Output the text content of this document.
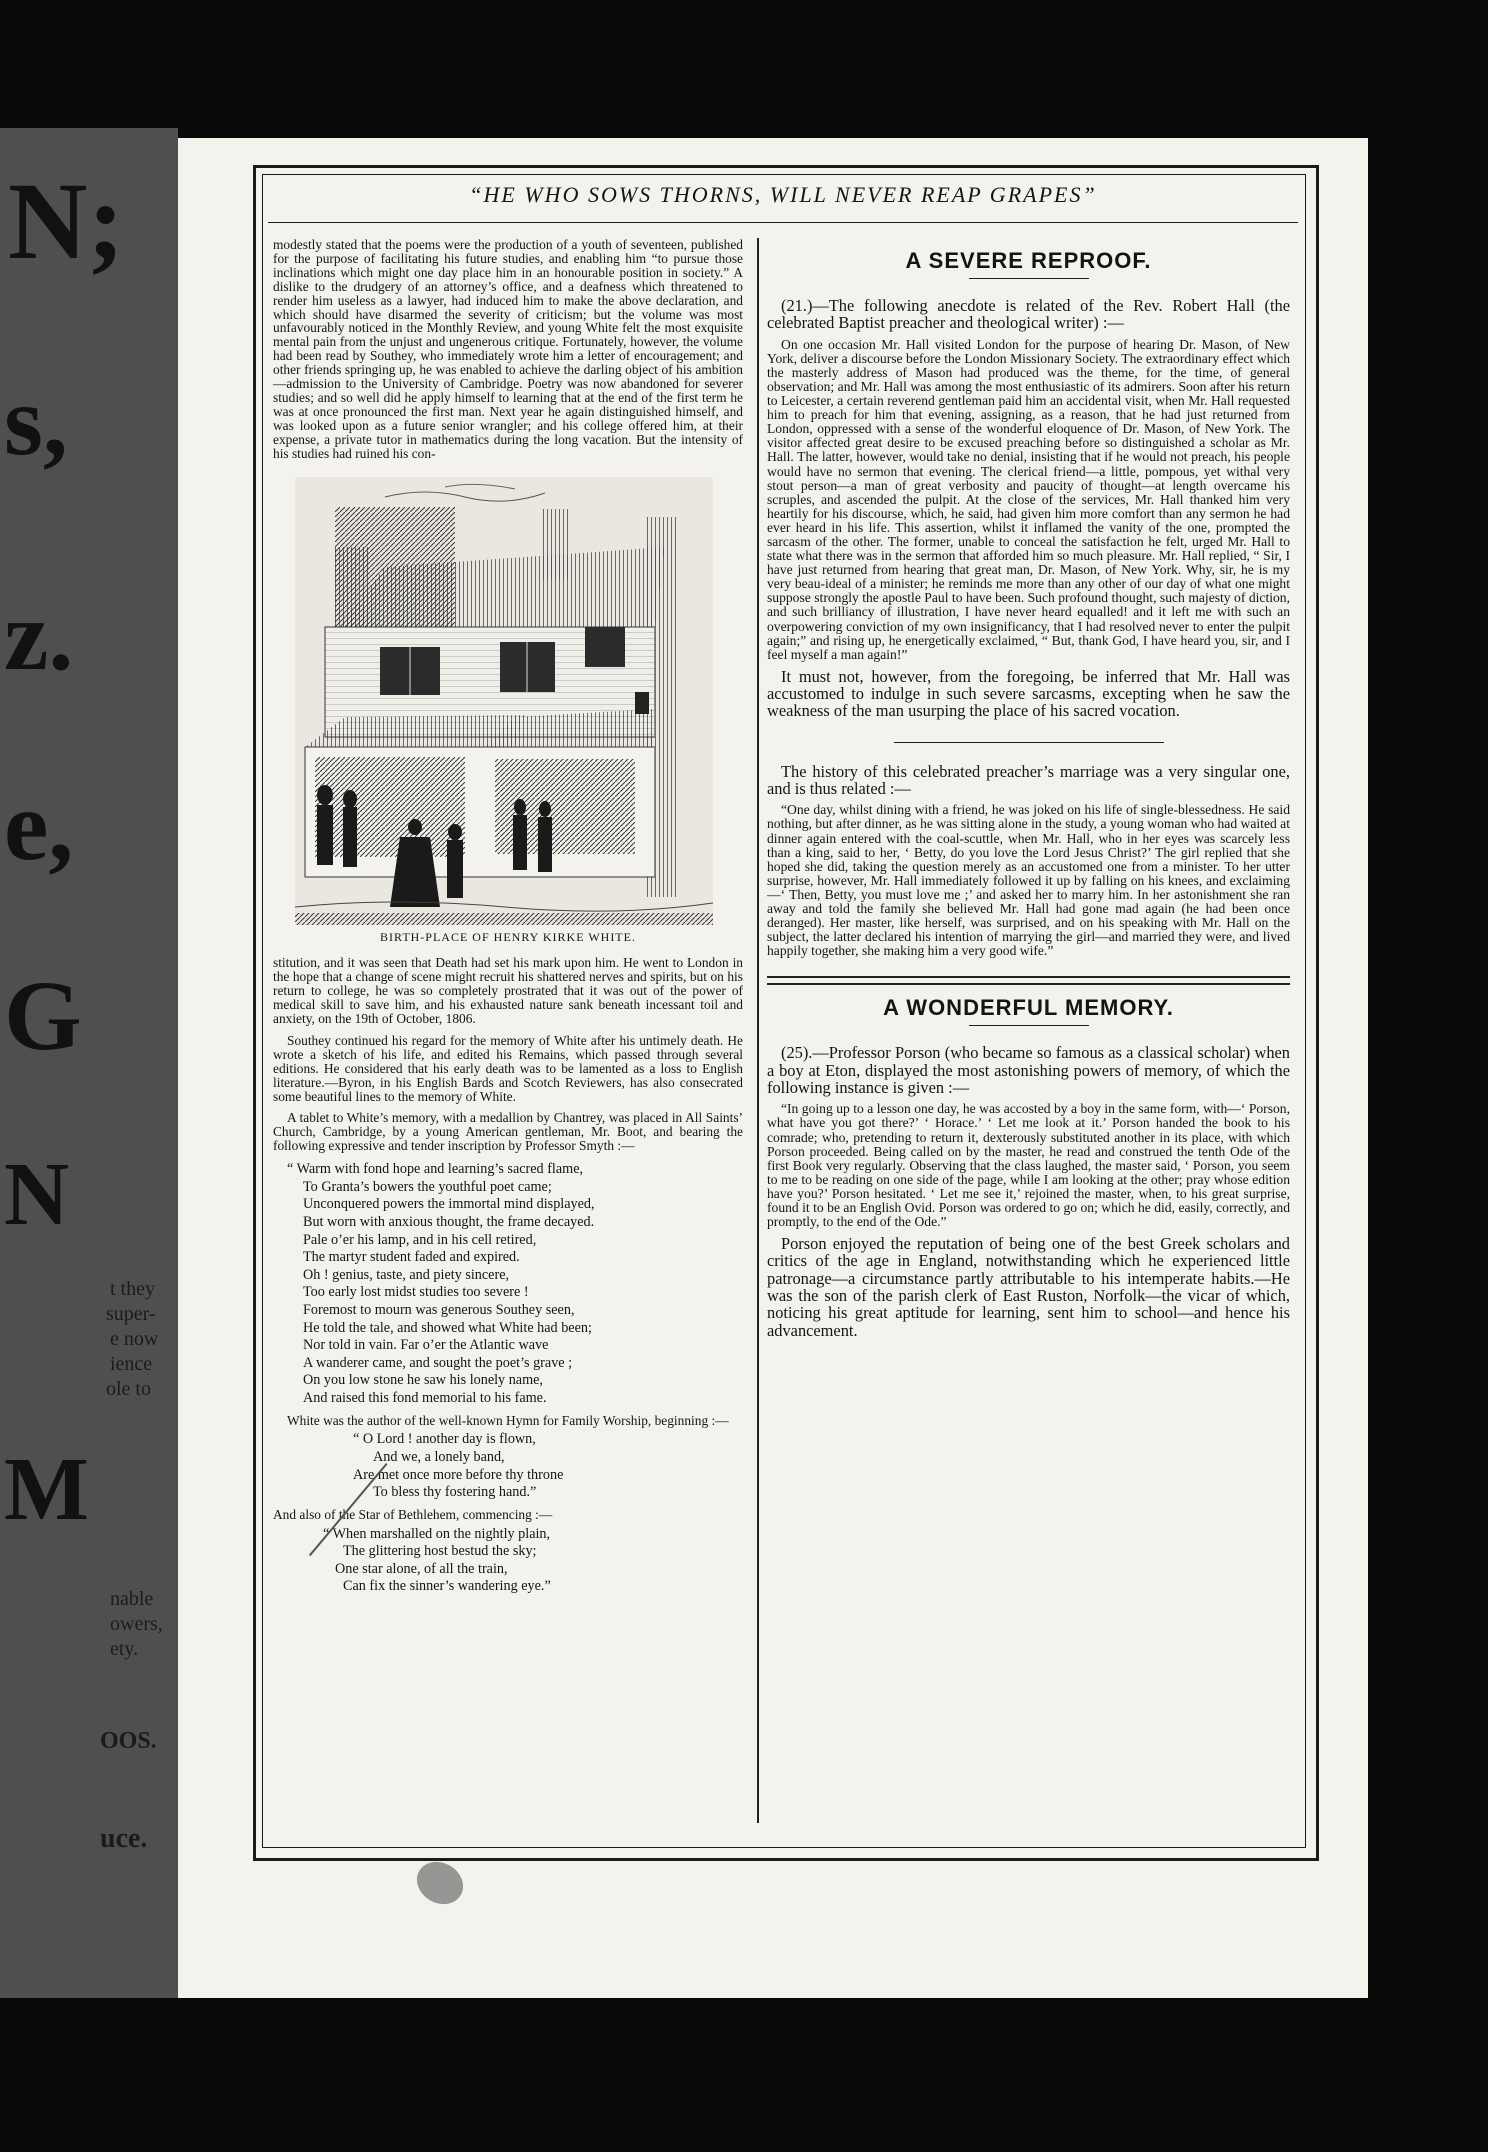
N;
s,
z.
e,
G
N
t they
super-
e now
ience
ole to
M
nable
owers,
ety.
OOS.
uce.
“HE WHO SOWS THORNS, WILL NEVER REAP GRAPES”

modestly stated that the poems were the production of a youth of seventeen, published for the purpose of facilitating his future studies, and enabling him “to pursue those inclinations which might one day place him in an honourable position in society.” A dislike to the drudgery of an attorney’s office, and a deafness which threatened to render him useless as a lawyer, had induced him to make the above declaration, and which should have disarmed the severity of criticism; but the volume was most unfavourably noticed in the Monthly Review, and young White felt the most exquisite mental pain from the unjust and ungenerous critique. Fortunately, however, the volume had been read by Southey, who immediately wrote him a letter of encouragement; and other friends springing up, he was enabled to achieve the darling object of his ambition—admission to the University of Cambridge. Poetry was now abandoned for severer studies; and so well did he apply himself to learning that at the end of the first term he was at once pronounced the first man. Next year he again distinguished himself, and was looked upon as a future senior wrangler; and his college offered him, at their expense, a private tutor in mathematics during the long vacation. But the intensity of his studies had ruined his con-

BIRTH-PLACE OF HENRY KIRKE WHITE.

stitution, and it was seen that Death had set his mark upon him. He went to London in the hope that a change of scene might recruit his shattered nerves and spirits, but on his return to college, he was so completely prostrated that it was out of the power of medical skill to save him, and his exhausted nature sank beneath incessant toil and anxiety, on the 19th of October, 1806.

Southey continued his regard for the memory of White after his untimely death. He wrote a sketch of his life, and edited his Remains, which passed through several editions. He considered that his early death was to be lamented as a loss to English literature.—Byron, in his English Bards and Scotch Reviewers, has also consecrated some beautiful lines to the memory of White.

A tablet to White’s memory, with a medallion by Chantrey, was placed in All Saints’ Church, Cambridge, by a young American gentleman, Mr. Boot, and bearing the following expressive and tender inscription by Professor Smyth :—

“ Warm with fond hope and learning’s sacred flame,
To Granta’s bowers the youthful poet came;
Unconquered powers the immortal mind displayed,
But worn with anxious thought, the frame decayed.
Pale o’er his lamp, and in his cell retired,
The martyr student faded and expired.
Oh ! genius, taste, and piety sincere,
Too early lost midst studies too severe !
Foremost to mourn was generous Southey seen,
He told the tale, and showed what White had been;
Nor told in vain. Far o’er the Atlantic wave
A wanderer came, and sought the poet’s grave ;
On you low stone he saw his lonely name,
And raised this fond memorial to his fame.

White was the author of the well-known Hymn for Family Worship, beginning :—

“ O Lord ! another day is flown,
And we, a lonely band,
Are met once more before thy throne
To bless thy fostering hand.”

And also of the Star of Bethlehem, commencing :—

“ When marshalled on the nightly plain,
The glittering host bestud the sky;
One star alone, of all the train,
Can fix the sinner’s wandering eye.”
A SEVERE REPROOF.

(21.)—The following anecdote is related of the Rev. Robert Hall (the celebrated Baptist preacher and theological writer) :—

On one occasion Mr. Hall visited London for the purpose of hearing Dr. Mason, of New York, deliver a discourse before the London Missionary Society. The extraordinary effect which the masterly address of Mason had produced was the theme, for the time, of general observation; and Mr. Hall was among the most enthusiastic of its admirers. Soon after his return to Leicester, a certain reverend gentleman paid him an accidental visit, when Mr. Hall requested him to preach for him that evening, assigning, as a reason, that he had just returned from London, oppressed with a sense of the wonderful eloquence of Dr. Mason, of New York. The visitor affected great desire to be excused preaching before so distinguished a scholar as Mr. Hall. The latter, however, would take no denial, insisting that if he would not preach, his people would have no sermon that evening. The clerical friend—a little, pompous, yet withal very stout person—a man of great verbosity and paucity of thought—at length overcame his scruples, and ascended the pulpit. At the close of the services, Mr. Hall thanked him very heartily for his discourse, which, he said, had given him more comfort than any sermon he had ever heard in his life. This assertion, whilst it inflamed the vanity of the one, prompted the sarcasm of the other. The former, unable to conceal the satisfaction he felt, urged Mr. Hall to state what there was in the sermon that afforded him so much pleasure. Mr. Hall replied, “ Sir, I have just returned from hearing that great man, Dr. Mason, of New York. Why, sir, he is my very beau-ideal of a minister; he reminds me more than any other of our day of what one might suppose strongly the apostle Paul to have been. Such profound thought, such majesty of diction, and such brilliancy of illustration, I have never heard equalled! and it left me with such an overpowering conviction of my own insignificancy, that I had resolved never to enter the pulpit again;” and rising up, he energetically exclaimed, “ But, thank God, I have heard you, sir, and I feel myself a man again!”

It must not, however, from the foregoing, be inferred that Mr. Hall was accustomed to indulge in such severe sarcasms, excepting when he saw the weakness of the man usurping the place of his sacred vocation.

The history of this celebrated preacher’s marriage was a very singular one, and is thus related :—

“One day, whilst dining with a friend, he was joked on his life of single-blessedness. He said nothing, but after dinner, as he was sitting alone in the study, a young woman who had waited at dinner again entered with the coal-scuttle, when Mr. Hall, who in her eyes was scarcely less than a king, said to her, ‘ Betty, do you love the Lord Jesus Christ?’ The girl replied that she hoped she did, taking the question merely as an accustomed one from a minister. To her utter surprise, however, Mr. Hall immediately followed it up by falling on his knees, and exclaiming—‘ Then, Betty, you must love me ;’ and asked her to marry him. In her astonishment she ran away and told the family she believed Mr. Hall had gone mad again (he had been once deranged). Her master, like herself, was surprised, and on his speaking with Mr. Hall on the subject, the latter declared his intention of marrying the girl—and married they were, and lived happily together, she making him a very good wife.”

A WONDERFUL MEMORY.

(25).—Professor Porson (who became so famous as a classical scholar) when a boy at Eton, displayed the most astonishing powers of memory, of which the following instance is given :—

“In going up to a lesson one day, he was accosted by a boy in the same form, with—‘ Porson, what have you got there?’ ‘ Horace.’ ‘ Let me look at it.’ Porson handed the book to his comrade; who, pretending to return it, dexterously substituted another in its place, with which Porson proceeded. Being called on by the master, he read and construed the tenth Ode of the first Book very regularly. Observing that the class laughed, the master said, ‘ Porson, you seem to me to be reading on one side of the page, while I am looking at the other; pray whose edition have you?’ Porson hesitated. ‘ Let me see it,’ rejoined the master, when, to his great surprise, found it to be an English Ovid. Porson was ordered to go on; which he did, easily, correctly, and promptly, to the end of the Ode.”

Porson enjoyed the reputation of being one of the best Greek scholars and critics of the age in England, notwithstanding which he experienced little patronage—a circumstance partly attributable to his intemperate habits.—He was the son of the parish clerk of East Ruston, Norfolk—the vicar of which, noticing his great aptitude for learning, sent him to school—and hence his advancement.
